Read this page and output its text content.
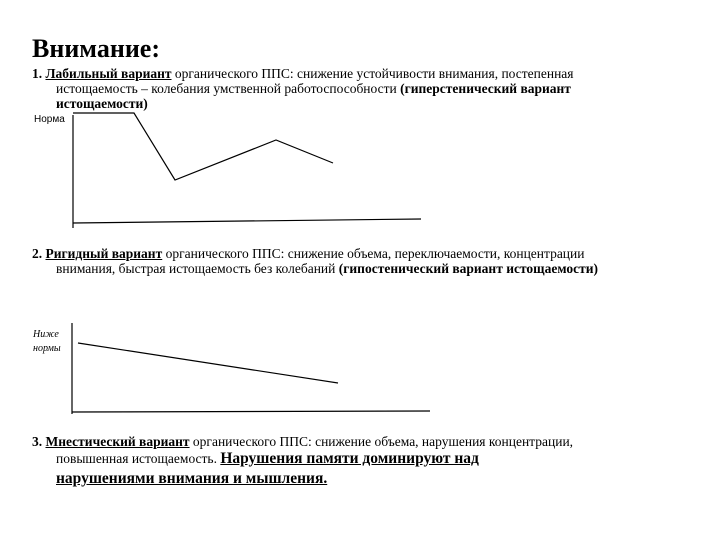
Внимание:
1. Лабильный вариант органического ППС: снижение устойчивости внимания, постепенная
истощаемость – колебания умственной работоспособности (гиперстенический вариант
истощаемости)
Норма
2. Ригидный вариант органического ППС: снижение объема, переключаемости, концентрации
внимания, быстрая истощаемость без колебаний (гипостенический вариант истощаемости)
Ниже
нормы
3. Мнестический вариант органического ППС: снижение объема, нарушения концентрации,
повышенная истощаемость. Нарушения памяти доминируют над
нарушениями внимания и мышления.
